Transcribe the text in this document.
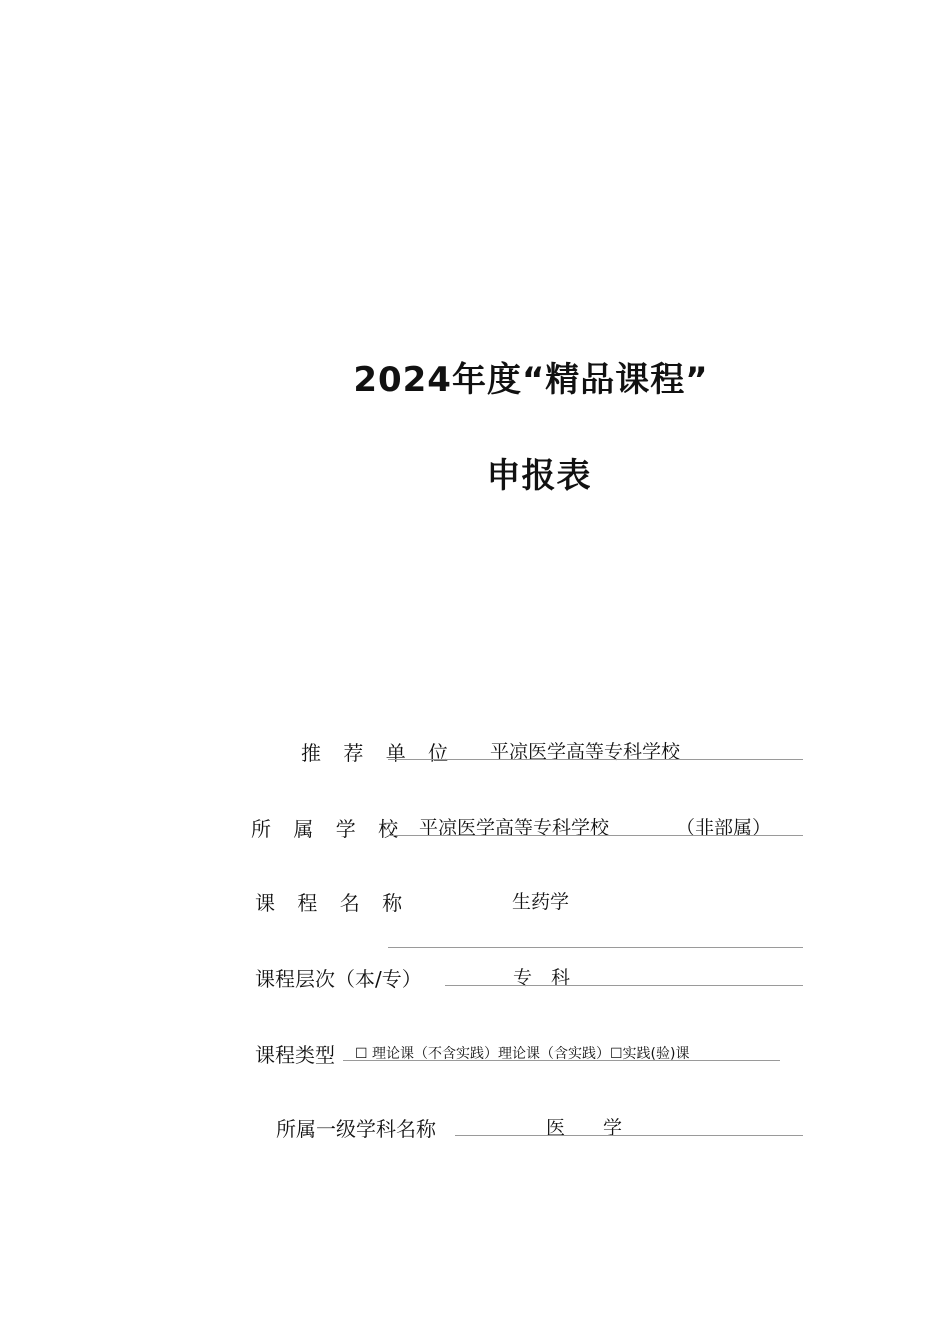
2024年度“精品课程”
申报表
推 荐 单 位 平凉医学高等专科学校
所 属 学 校 平凉医学高等专科学校	（非部属）
课 程 名 称	生药学
课程层次（本/专）	专　科
课程类型 ☐ 理论课（不含实践）理论课（含实践）☐实践(验)课
所属一级学科名称	医　　学
